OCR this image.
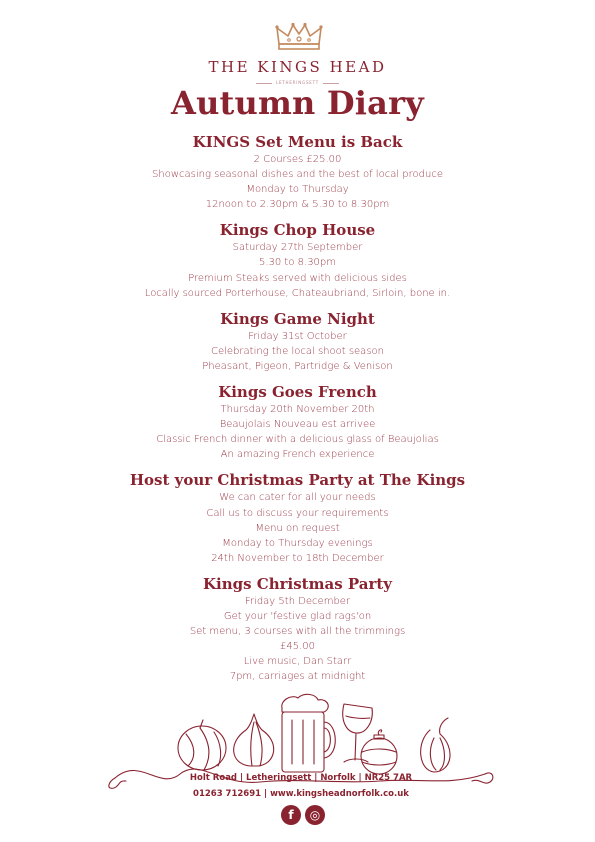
THE KINGS HEAD
LETHERINGSETT
Autumn Diary
KINGS Set Menu is Back
2 Courses £25.00
Showcasing seasonal dishes and the best of local produce
Monday to Thursday
12noon to 2.30pm & 5.30 to 8.30pm
Kings Chop House
Saturday 27th September
5.30 to 8.30pm
Premium Steaks served with delicious sides
Locally sourced Porterhouse, Chateaubriand, Sirloin, bone in.
Kings Game Night
Friday 31st October
Celebrating the local shoot season
Pheasant, Pigeon, Partridge & Venison
Kings Goes French
Thursday 20th November 20th
Beaujolais Nouveau est arrivee
Classic French dinner with a delicious glass of Beaujolias
An amazing French experience
Host your Christmas Party at The Kings
We can cater for all your needs
Call us to discuss your requirements
Menu on request
Monday to Thursday evenings
24th November to 18th December
Kings Christmas Party
Friday 5th December
Get your 'festive glad rags'on
Set menu, 3 courses with all the trimmings
£45.00
Live music, Dan Starr
7pm, carriages at midnight
Holt Road | Letheringsett | Norfolk | NR25 7AR
01263 712691 | www.kingsheadnorfolk.co.uk
f	◎
